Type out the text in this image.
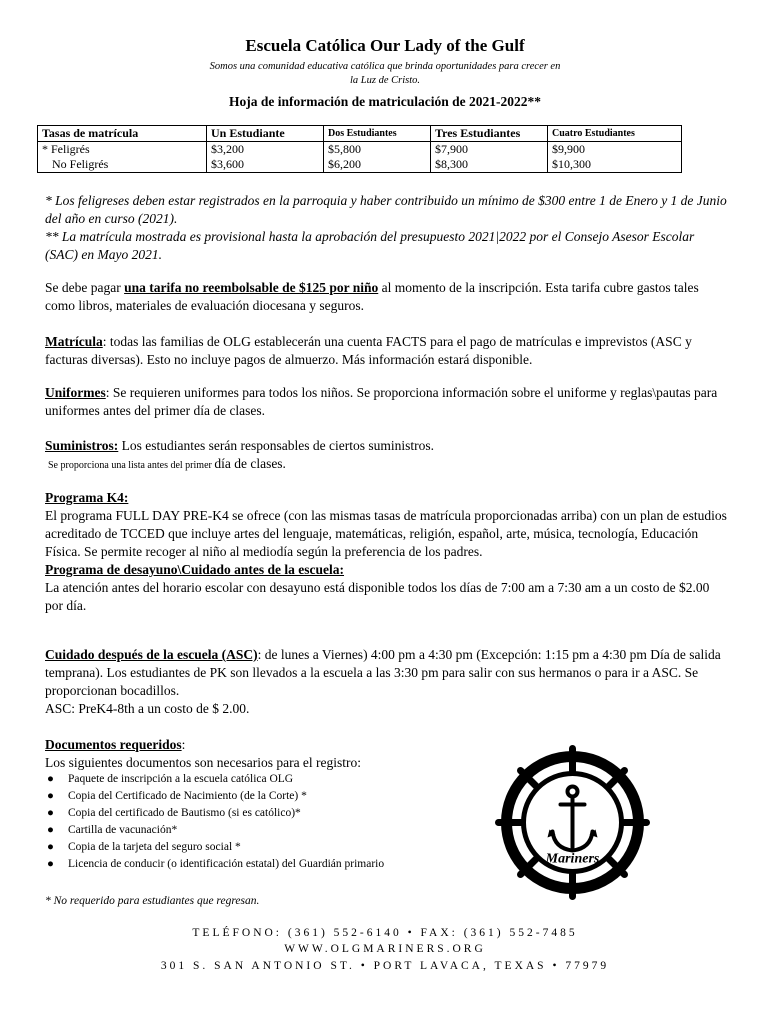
Escuela Católica Our Lady of the Gulf
Somos una comunidad educativa católica que brinda oportunidades para crecer en
la Luz de Cristo.
Hoja de información de matriculación de 2021-2022**
Tasas de matrícula	Un Estudiante	Dos Estudiantes	Tres Estudiantes	Cuatro Estudiantes
* Feligrés	$3,200	$5,800	$7,900	$9,900
No Feligrés	$3,600	$6,200	$8,300	$10,300
* Los feligreses deben estar registrados en la parroquia y haber contribuido un mínimo de $300 entre 1 de Enero y 1 de Junio del año en curso (2021).
** La matrícula mostrada es provisional hasta la aprobación del presupuesto 2021|2022 por el Consejo Asesor Escolar (SAC) en Mayo 2021.
Se debe pagar una tarifa no reembolsable de $125 por niño al momento de la inscripción. Esta tarifa cubre gastos tales como libros, materiales de evaluación diocesana y seguros.
Matrícula: todas las familias de OLG establecerán una cuenta FACTS para el pago de matrículas e imprevistos (ASC y facturas diversas). Esto no incluye pagos de almuerzo. Más información estará disponible.
Uniformes: Se requieren uniformes para todos los niños. Se proporciona información sobre el uniforme y reglas\pautas para uniformes antes del primer día de clases.
Suministros: Los estudiantes serán responsables de ciertos suministros.
Se proporciona una lista antes del primer día de clases.
Programa K4:
El programa FULL DAY PRE-K4 se ofrece (con las mismas tasas de matrícula proporcionadas arriba) con un plan de estudios acreditado de TCCED que incluye artes del lenguaje, matemáticas, religión, español, arte, música, tecnología, Educación Física. Se permite recoger al niño al mediodía según la preferencia de los padres.
Programa de desayuno\Cuidado antes de la escuela:
La atención antes del horario escolar con desayuno está disponible todos los días de 7:00 am a 7:30 am a un costo de $2.00 por día.
Cuidado después de la escuela (ASC): de lunes a Viernes) 4:00 pm a 4:30 pm (Excepción: 1:15 pm a 4:30 pm Día de salida temprana). Los estudiantes de PK son llevados a la escuela a las 3:30 pm para salir con sus hermanos o para ir a ASC. Se proporcionan bocadillos.
ASC: PreK4-8th a un costo de $ 2.00.
Documentos requeridos:
Los siguientes documentos son necesarios para el registro:
● Paquete de inscripción a la escuela católica OLG
● Copia del Certificado de Nacimiento (de la Corte) *
● Copia del certificado de Bautismo (si es católico)*
● Cartilla de vacunación*
● Copia de la tarjeta del seguro social *
● Licencia de conducir (o identificación estatal) del Guardián primario
* No requerido para estudiantes que regresan.
Mariners
TELÉFONO: (361) 552-6140 • FAX: (361) 552-7485
WWW.OLGMARINERS.ORG
301 S. SAN ANTONIO ST. • PORT LAVACA, TEXAS • 77979
